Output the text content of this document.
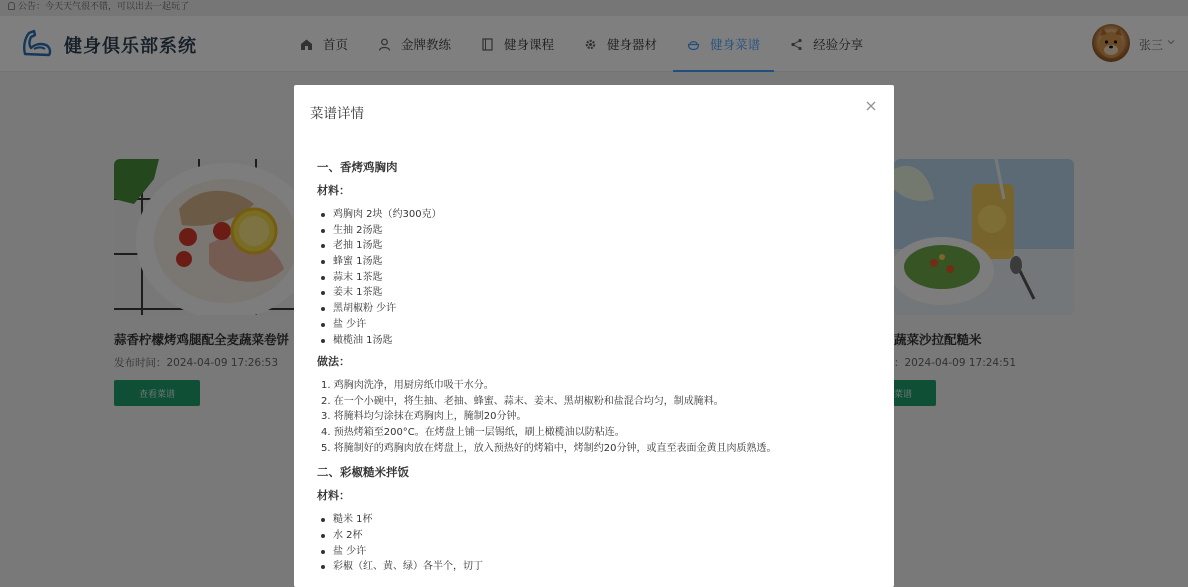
菜谱详情
一、香烤鸡胸肉
材料：
鸡胸肉 2块（约300克）
生抽 2汤匙
老抽 1汤匙
蜂蜜 1汤匙
蒜末 1茶匙
姜末 1茶匙
黑胡椒粉 少许
盐 少许
橄榄油 1汤匙
做法：
1. 鸡胸肉洗净，用厨房纸巾吸干水分。
2. 在一个小碗中，将生抽、老抽、蜂蜜、蒜末、姜末、黑胡椒粉和盐混合均匀，制成腌料。
3. 将腌料均匀涂抹在鸡胸肉上，腌制20分钟。
4. 预热烤箱至200°C。在烤盘上铺一层锡纸，刷上橄榄油以防粘连。
5. 将腌制好的鸡胸肉放在烤盘上，放入预热好的烤箱中，烤制约20分钟，或直至表面金黄且肉质熟透。
二、彩椒糙米拌饭
材料：
糙米 1杯
水 2杯
盐 少许
彩椒（红、黄、绿）各半个，切丁
